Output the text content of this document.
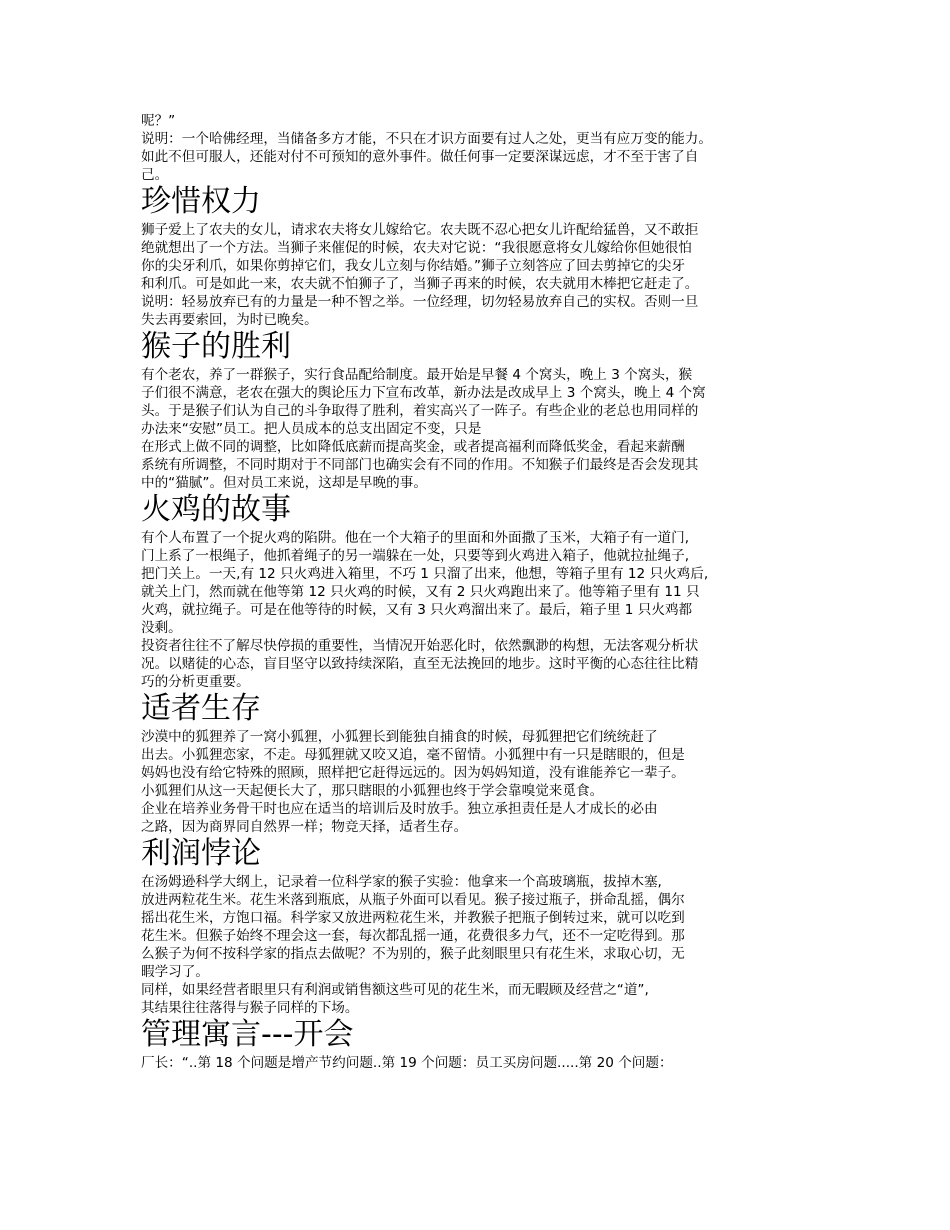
呢？”
说明：一个哈佛经理，当储备多方才能，不只在才识方面要有过人之处，更当有应万变的能力。
如此不但可服人，还能对付不可预知的意外事件。做任何事一定要深谋远虑，才不至于害了自
己。
珍惜权力
狮子爱上了农夫的女儿，请求农夫将女儿嫁给它。农夫既不忍心把女儿许配给猛兽，又不敢拒
绝就想出了一个方法。当狮子来催促的时候，农夫对它说：“我很愿意将女儿嫁给你但她很怕
你的尖牙利爪，如果你剪掉它们，我女儿立刻与你结婚。”狮子立刻答应了回去剪掉它的尖牙
和利爪。可是如此一来，农夫就不怕狮子了，当狮子再来的时候，农夫就用木棒把它赶走了。
说明：轻易放弃已有的力量是一种不智之举。一位经理，切勿轻易放弃自己的实权。否则一旦
失去再要索回，为时已晚矣。
猴子的胜利
有个老农，养了一群猴子，实行食品配给制度。最开始是早餐 4 个窝头，晚上 3 个窝头，猴
子们很不满意，老农在强大的舆论压力下宣布改革，新办法是改成早上 3 个窝头，晚上 4 个窝
头。于是猴子们认为自己的斗争取得了胜利，着实高兴了一阵子。有些企业的老总也用同样的
办法来“安慰”员工。把人员成本的总支出固定不变，只是
在形式上做不同的调整，比如降低底薪而提高奖金，或者提高福利而降低奖金，看起来薪酬
系统有所调整，不同时期对于不同部门也确实会有不同的作用。不知猴子们最终是否会发现其
中的“猫腻”。但对员工来说，这却是早晚的事。
火鸡的故事
有个人布置了一个捉火鸡的陷阱。他在一个大箱子的里面和外面撒了玉米，大箱子有一道门,
门上系了一根绳子，他抓着绳子的另一端躲在一处，只要等到火鸡进入箱子，他就拉扯绳子,
把门关上。一天,有 12 只火鸡进入箱里，不巧 1 只溜了出来，他想，等箱子里有 12 只火鸡后,
就关上门，然而就在他等第 12 只火鸡的时候，又有 2 只火鸡跑出来了。他等箱子里有 11 只
火鸡，就拉绳子。可是在他等待的时候，又有 3 只火鸡溜出来了。最后，箱子里 1 只火鸡都
没剩。
投资者往往不了解尽快停损的重要性，当情况开始恶化时，依然飘渺的构想，无法客观分析状
况。以赌徒的心态，盲目坚守以致持续深陷，直至无法挽回的地步。这时平衡的心态往往比精
巧的分析更重要。
适者生存
沙漠中的狐狸养了一窝小狐狸，小狐狸长到能独自捕食的时候，母狐狸把它们统统赶了
出去。小狐狸恋家，不走。母狐狸就又咬又追，毫不留情。小狐狸中有一只是瞎眼的，但是
妈妈也没有给它特殊的照顾，照样把它赶得远远的。因为妈妈知道，没有谁能养它一辈子。
小狐狸们从这一天起便长大了，那只瞎眼的小狐狸也终于学会靠嗅觉来觅食。
企业在培养业务骨干时也应在适当的培训后及时放手。独立承担责任是人才成长的必由
之路，因为商界同自然界一样；物竞天择，适者生存。
利润悖论
在汤姆逊科学大纲上，记录着一位科学家的猴子实验：他拿来一个高玻璃瓶，拔掉木塞,
放进两粒花生米。花生米落到瓶底，从瓶子外面可以看见。猴子接过瓶子，拼命乱摇，偶尔
摇出花生米，方饱口福。科学家又放进两粒花生米，并教猴子把瓶子倒转过来，就可以吃到
花生米。但猴子始终不理会这一套，每次都乱摇一通，花费很多力气，还不一定吃得到。那
么猴子为何不按科学家的指点去做呢？不为别的，猴子此刻眼里只有花生米，求取心切，无
暇学习了。
同样，如果经营者眼里只有利润或销售额这些可见的花生米，而无暇顾及经营之“道”,
其结果往往落得与猴子同样的下场。
管理寓言---开会
厂长：“..第 18 个问题是增产节约问题..第 19 个问题：员工买房问题.....第 20 个问题：
